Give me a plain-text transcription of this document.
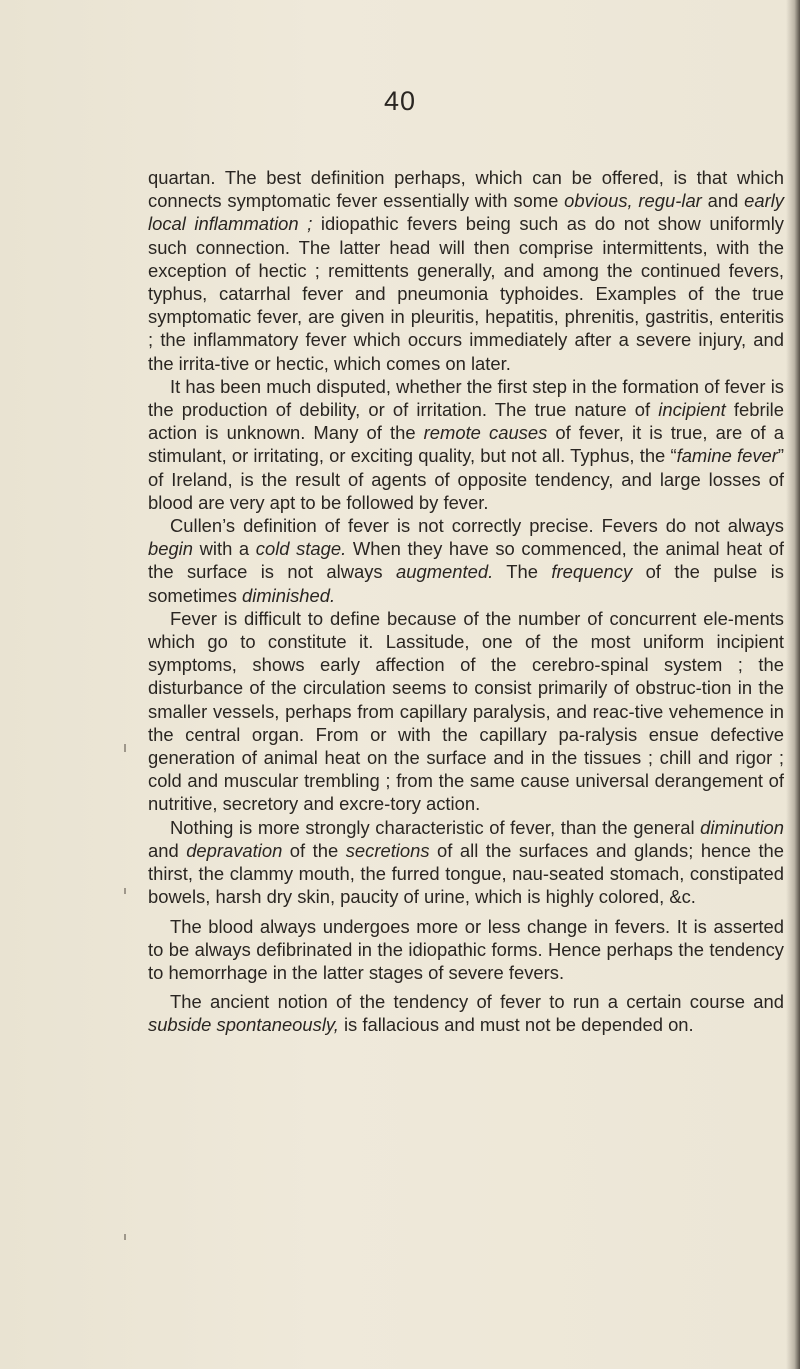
40

quartan. The best definition perhaps, which can be offered, is that which connects symptomatic fever essentially with some obvious, regu-lar and early local inflammation ; idiopathic fevers being such as do not show uniformly such connection. The latter head will then comprise intermittents, with the exception of hectic ; remittents generally, and among the continued fevers, typhus, catarrhal fever and pneumonia typhoides. Examples of the true symptomatic fever, are given in pleuritis, hepatitis, phrenitis, gastritis, enteritis ; the inflammatory fever which occurs immediately after a severe injury, and the irrita-tive or hectic, which comes on later.

It has been much disputed, whether the first step in the formation of fever is the production of debility, or of irritation. The true nature of incipient febrile action is unknown. Many of the remote causes of fever, it is true, are of a stimulant, or irritating, or exciting quality, but not all. Typhus, the “famine fever” of Ireland, is the result of agents of opposite tendency, and large losses of blood are very apt to be followed by fever.

Cullen’s definition of fever is not correctly precise. Fevers do not always begin with a cold stage. When they have so commenced, the animal heat of the surface is not always augmented. The frequency of the pulse is sometimes diminished.

Fever is difficult to define because of the number of concurrent ele-ments which go to constitute it. Lassitude, one of the most uniform incipient symptoms, shows early affection of the cerebro-spinal system ; the disturbance of the circulation seems to consist primarily of obstruc-tion in the smaller vessels, perhaps from capillary paralysis, and reac-tive vehemence in the central organ. From or with the capillary pa-ralysis ensue defective generation of animal heat on the surface and in the tissues ; chill and rigor ; cold and muscular trembling ; from the same cause universal derangement of nutritive, secretory and excre-tory action.

Nothing is more strongly characteristic of fever, than the general diminution and depravation of the secretions of all the surfaces and glands; hence the thirst, the clammy mouth, the furred tongue, nau-seated stomach, constipated bowels, harsh dry skin, paucity of urine, which is highly colored, &c.

The blood always undergoes more or less change in fevers. It is asserted to be always defibrinated in the idiopathic forms. Hence perhaps the tendency to hemorrhage in the latter stages of severe fevers.

The ancient notion of the tendency of fever to run a certain course and subside spontaneously, is fallacious and must not be depended on.
